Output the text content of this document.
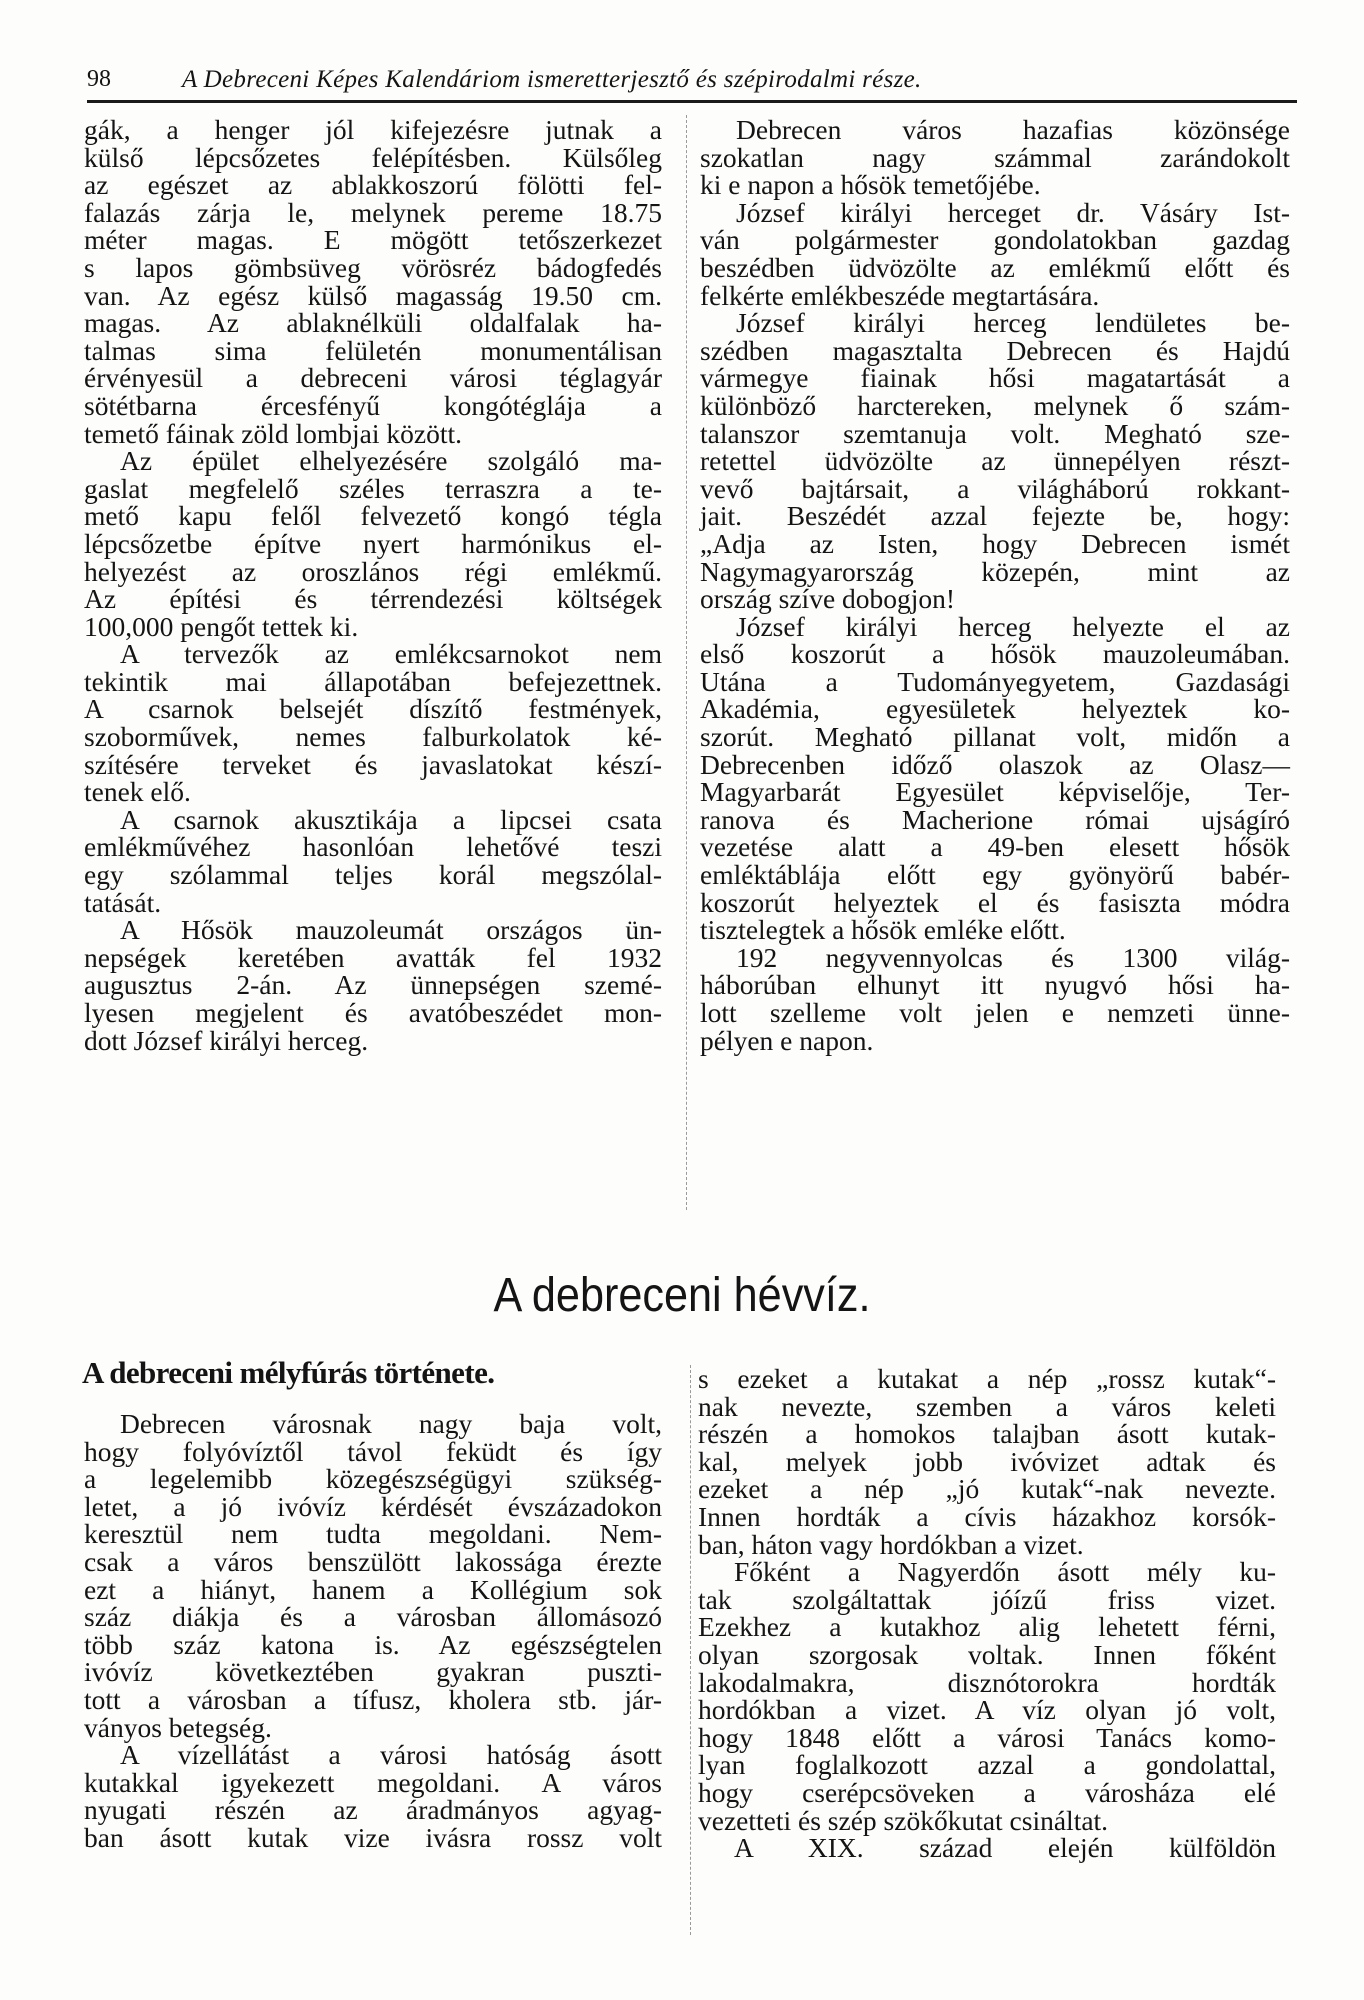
98	A Debreceni Képes Kalendáriom ismeretterjesztő és szépirodalmi része.
gák, a henger jól kifejezésre jutnak a
külső lépcsőzetes felépítésben. Külsőleg
az egészet az ablakkoszorú fölötti fel-
falazás zárja le, melynek pereme 18.75
méter magas. E mögött tetőszerkezet
s lapos gömbsüveg vörösréz bádogfedés
van. Az egész külső magasság 19.50 cm.
magas. Az ablaknélküli oldalfalak ha-
talmas sima felületén monumentálisan
érvényesül a debreceni városi téglagyár
sötétbarna ércesfényű kongótéglája a
temető fáinak zöld lombjai között.
Az épület elhelyezésére szolgáló ma-
gaslat megfelelő széles terraszra a te-
mető kapu felől felvezető kongó tégla
lépcsőzetbe építve nyert harmónikus el-
helyezést az oroszlános régi emlékmű.
Az építési és térrendezési költségek
100,000 pengőt tettek ki.
A tervezők az emlékcsarnokot nem
tekintik mai állapotában befejezettnek.
A csarnok belsejét díszítő festmények,
szoborművek, nemes falburkolatok ké-
szítésére terveket és javaslatokat készí-
tenek elő.
A csarnok akusztikája a lipcsei csata
emlékművéhez hasonlóan lehetővé teszi
egy szólammal teljes korál megszólal-
tatását.
A Hősök mauzoleumát országos ün-
nepségek keretében avatták fel 1932
augusztus 2-án. Az ünnepségen szemé-
lyesen megjelent és avatóbeszédet mon-
dott József királyi herceg.
Debrecen város hazafias közönsége
szokatlan nagy számmal zarándokolt
ki e napon a hősök temetőjébe.
József királyi herceget dr. Vásáry Ist-
ván polgármester gondolatokban gazdag
beszédben üdvözölte az emlékmű előtt és
felkérte emlékbeszéde megtartására.
József királyi herceg lendületes be-
szédben magasztalta Debrecen és Hajdú
vármegye fiainak hősi magatartását a
különböző harctereken, melynek ő szám-
talanszor szemtanuja volt. Megható sze-
retettel üdvözölte az ünnepélyen részt-
vevő bajtársait, a világháború rokkant-
jait. Beszédét azzal fejezte be, hogy:
„Adja az Isten, hogy Debrecen ismét
Nagymagyarország közepén, mint az
ország szíve dobogjon!
József királyi herceg helyezte el az
első koszorút a hősök mauzoleumában.
Utána a Tudományegyetem, Gazdasági
Akadémia, egyesületek helyeztek ko-
szorút. Megható pillanat volt, midőn a
Debrecenben időző olaszok az Olasz—
Magyarbarát Egyesület képviselője, Ter-
ranova és Macherione római ujságíró
vezetése alatt a 49-ben elesett hősök
emléktáblája előtt egy gyönyörű babér-
koszorút helyeztek el és fasiszta módra
tisztelegtek a hősök emléke előtt.
192 negyvennyolcas és 1300 világ-
háborúban elhunyt itt nyugvó hősi ha-
lott szelleme volt jelen e nemzeti ünne-
pélyen e napon.
A debreceni hévvíz.
A debreceni mélyfúrás története.
Debrecen városnak nagy baja volt,
hogy folyóvíztől távol feküdt és így
a legelemibb közegészségügyi szükség-
letet, a jó ivóvíz kérdését évszázadokon
keresztül nem tudta megoldani. Nem-
csak a város benszülött lakossága érezte
ezt a hiányt, hanem a Kollégium sok
száz diákja és a városban állomásozó
több száz katona is. Az egészségtelen
ivóvíz következtében gyakran puszti-
tott a városban a tífusz, kholera stb. jár-
ványos betegség.
A vízellátást a városi hatóság ásott
kutakkal igyekezett megoldani. A város
nyugati részén az áradmányos agyag-
ban ásott kutak vize ivásra rossz volt
s ezeket a kutakat a nép „rossz kutak“-
nak nevezte, szemben a város keleti
részén a homokos talajban ásott kutak-
kal, melyek jobb ivóvizet adtak és
ezeket a nép „jó kutak“-nak nevezte.
Innen hordták a cívis házakhoz korsók-
ban, háton vagy hordókban a vizet.
Főként a Nagyerdőn ásott mély ku-
tak szolgáltattak jóízű friss vizet.
Ezekhez a kutakhoz alig lehetett férni,
olyan szorgosak voltak. Innen főként
lakodalmakra, disznótorokra hordták
hordókban a vizet. A víz olyan jó volt,
hogy 1848 előtt a városi Tanács komo-
lyan foglalkozott azzal a gondolattal,
hogy cserépcsöveken a városháza elé
vezetteti és szép szökőkutat csináltat.
A XIX. század elején külföldön
